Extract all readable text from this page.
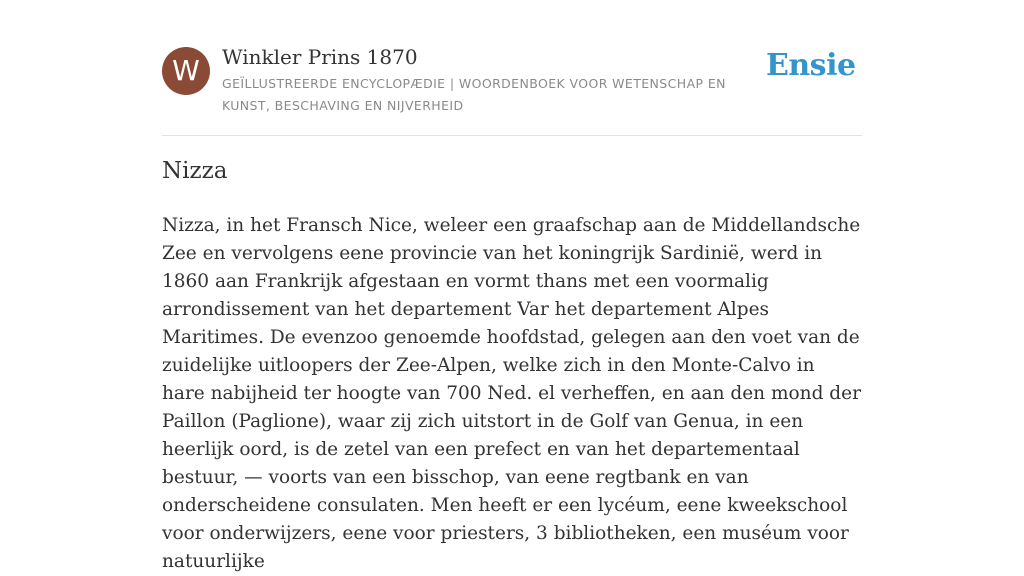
W	Winkler Prins 1870
GEÏLLUSTREERDE ENCYCLOPÆDIE | WOORDENBOEK VOOR WETENSCHAP EN KUNST, BESCHAVING EN NIJVERHEID
Ensie
Nizza

Nizza, in het Fransch Nice, weleer een graafschap aan de Middellandsche Zee en vervolgens eene provincie van het koningrijk Sardinië, werd in 1860 aan Frankrijk afgestaan en vormt thans met een voormalig arrondissement van het departement Var het departement Alpes Maritimes. De evenzoo genoemde hoofdstad, gelegen aan den voet van de zuidelijke uitloopers der Zee-Alpen, welke zich in den Monte-Calvo in hare nabijheid ter hoogte van 700 Ned. el verheffen, en aan den mond der Paillon (Paglione), waar zij zich uitstort in de Golf van Genua, in een heerlijk oord, is de zetel van een prefect en van het departementaal bestuur, — voorts van een bisschop, van eene regtbank en van onderscheidene consulaten. Men heeft er een lycéum, eene kweekschool voor onderwijzers, eene voor priesters, 3 bibliotheken, een muséum voor natuurlijke
